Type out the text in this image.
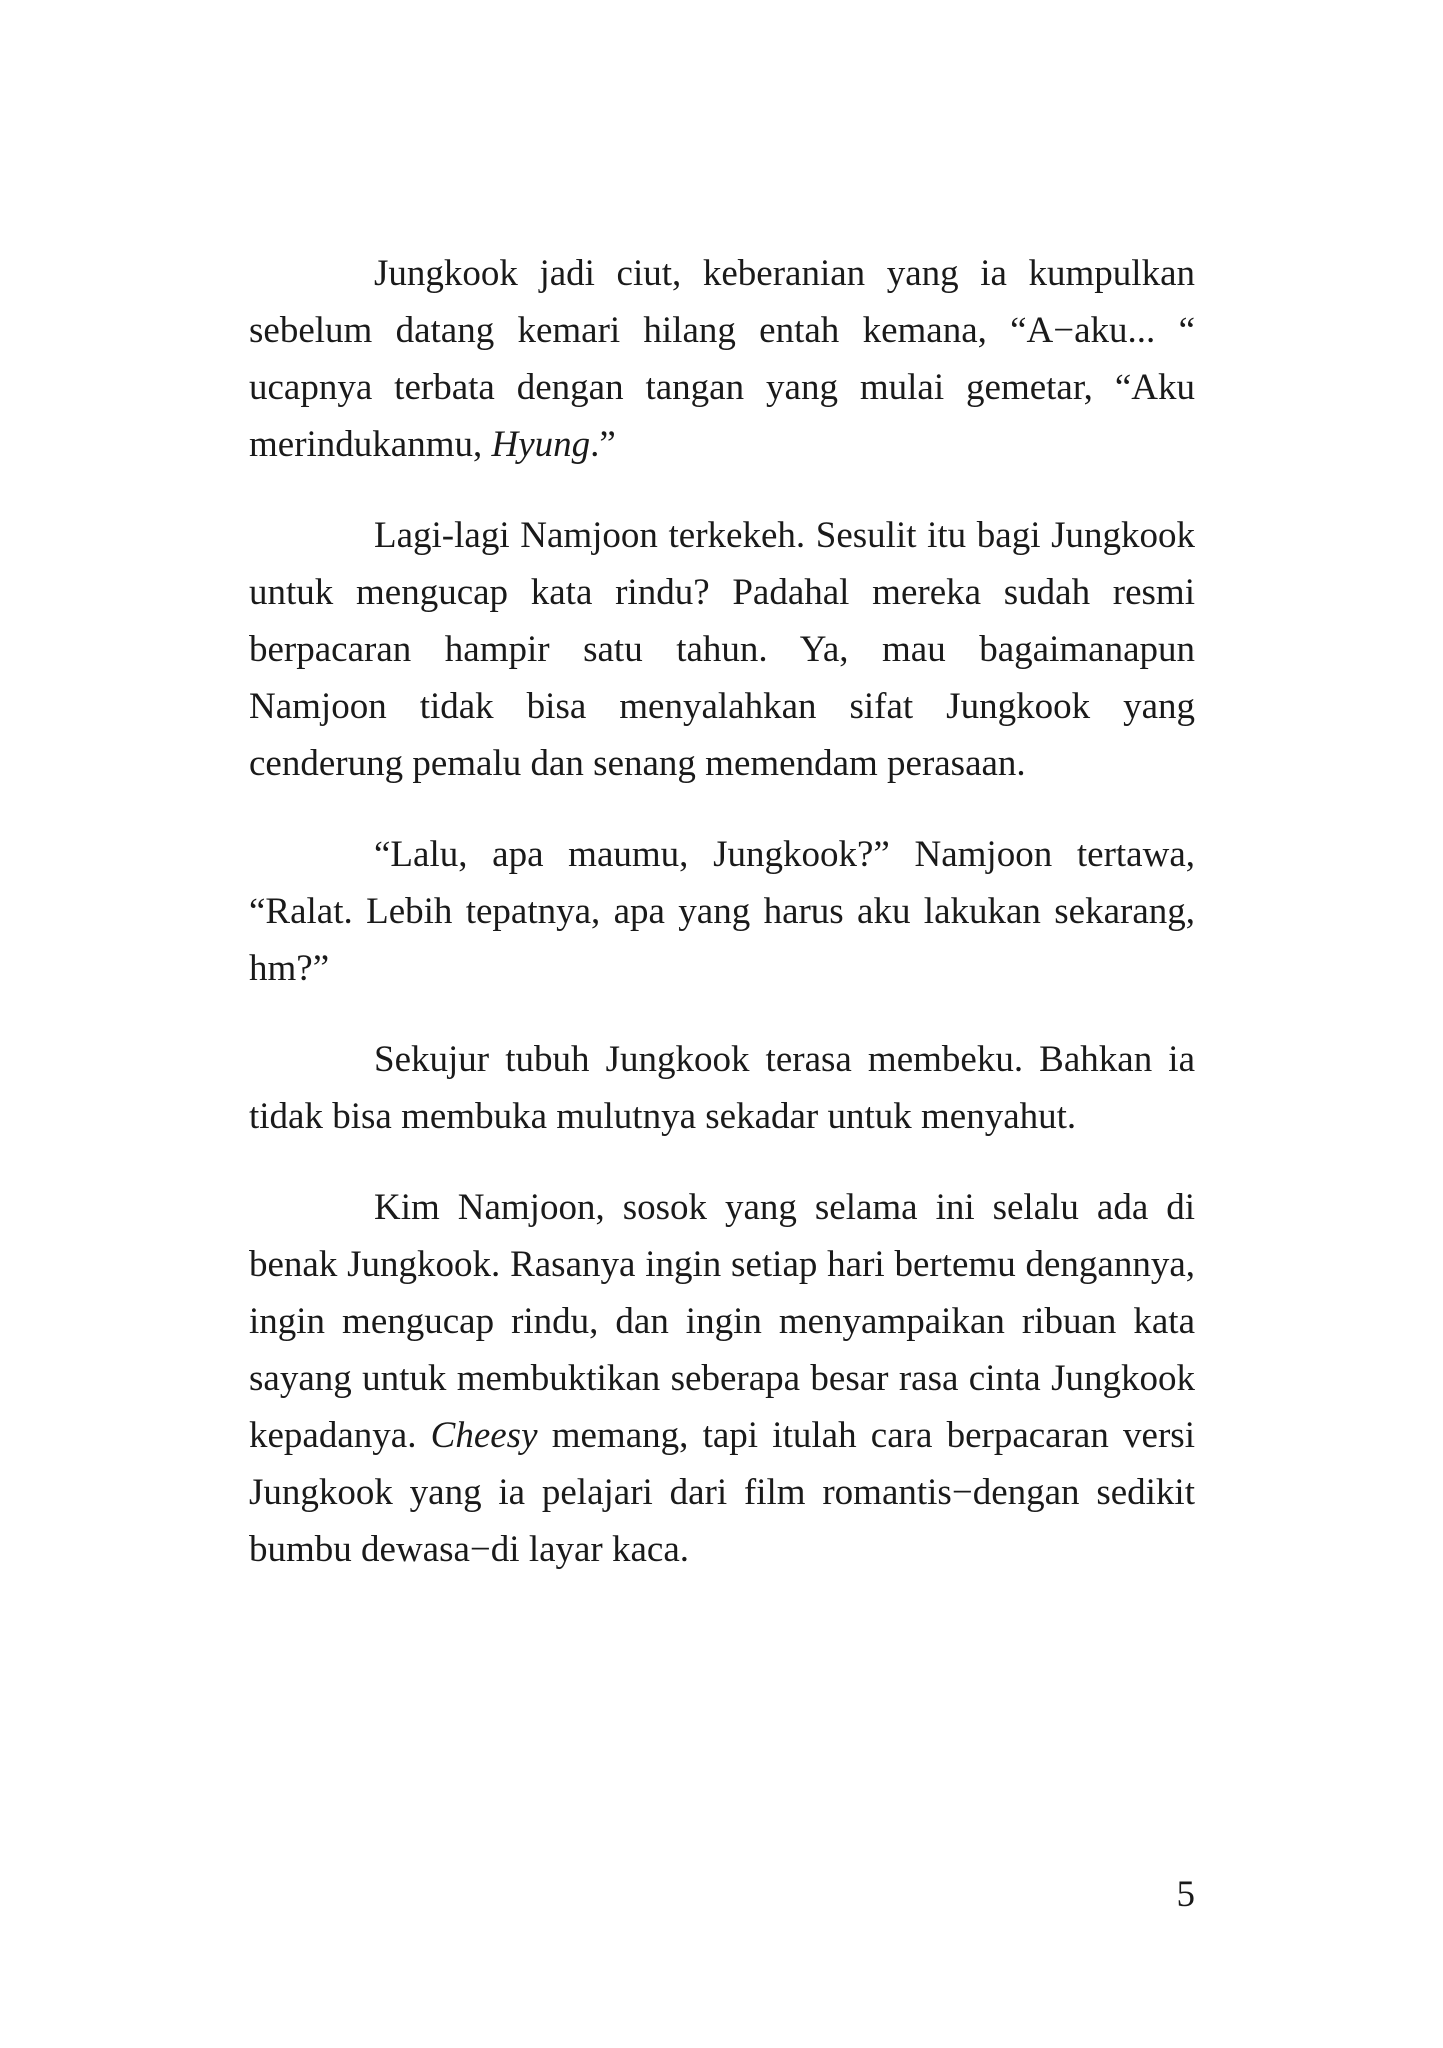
Jungkook jadi ciut, keberanian yang ia kumpulkan sebelum datang kemari hilang entah kemana, “A−aku... “ ucapnya terbata dengan tangan yang mulai gemetar, “Aku merindukanmu, Hyung.”

Lagi-lagi Namjoon terkekeh. Sesulit itu bagi Jungkook untuk mengucap kata rindu? Padahal mereka sudah resmi berpacaran hampir satu tahun. Ya, mau bagaimanapun Namjoon tidak bisa menyalahkan sifat Jungkook yang cenderung pemalu dan senang memendam perasaan.

“Lalu, apa maumu, Jungkook?” Namjoon tertawa, “Ralat. Lebih tepatnya, apa yang harus aku lakukan sekarang, hm?”

Sekujur tubuh Jungkook terasa membeku. Bahkan ia tidak bisa membuka mulutnya sekadar untuk menyahut.

Kim Namjoon, sosok yang selama ini selalu ada di benak Jungkook. Rasanya ingin setiap hari bertemu dengannya, ingin mengucap rindu, dan ingin menyampaikan ribuan kata sayang untuk membuktikan seberapa besar rasa cinta Jungkook kepadanya. Cheesy memang, tapi itulah cara berpacaran versi Jungkook yang ia pelajari dari film romantis−dengan sedikit bumbu dewasa−di layar kaca.

5
